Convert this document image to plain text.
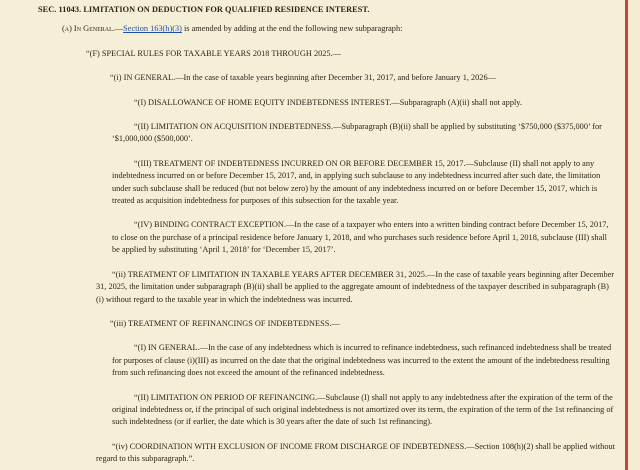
SEC. 11043. LIMITATION ON DEDUCTION FOR QUALIFIED RESIDENCE INTEREST.

(a) In General.—Section 163(h)(3) is amended by adding at the end the following new subparagraph:

“(F) SPECIAL RULES FOR TAXABLE YEARS 2018 THROUGH 2025.—

“(i) IN GENERAL.—In the case of taxable years beginning after December 31, 2017, and before January 1, 2026—

“(I) DISALLOWANCE OF HOME EQUITY INDEBTEDNESS INTEREST.—Subparagraph (A)(ii) shall not apply.

“(II) LIMITATION ON ACQUISITION INDEBTEDNESS.—Subparagraph (B)(ii) shall be applied by substituting ‘$750,000 ($375,000’ for ‘$1,000,000 ($500,000’.

“(III) TREATMENT OF INDEBTEDNESS INCURRED ON OR BEFORE DECEMBER 15, 2017.—Subclause (II) shall not apply to any indebtedness incurred on or before December 15, 2017, and, in applying such subclause to any indebtedness incurred after such date, the limitation under such subclause shall be reduced (but not below zero) by the amount of any indebtedness incurred on or before December 15, 2017, which is treated as acquisition indebtedness for purposes of this subsection for the taxable year.

“(IV) BINDING CONTRACT EXCEPTION.—In the case of a taxpayer who enters into a written binding contract before December 15, 2017, to close on the purchase of a principal residence before January 1, 2018, and who purchases such residence before April 1, 2018, subclause (III) shall be applied by substituting ‘April 1, 2018’ for ‘December 15, 2017’.

“(ii) TREATMENT OF LIMITATION IN TAXABLE YEARS AFTER DECEMBER 31, 2025.—In the case of taxable years beginning after December 31, 2025, the limitation under subparagraph (B)(ii) shall be applied to the aggregate amount of indebtedness of the taxpayer described in subparagraph (B)(i) without regard to the taxable year in which the indebtedness was incurred.

“(iii) TREATMENT OF REFINANCINGS OF INDEBTEDNESS.—

“(I) IN GENERAL.—In the case of any indebtedness which is incurred to refinance indebtedness, such refinanced indebtedness shall be treated for purposes of clause (i)(III) as incurred on the date that the original indebtedness was incurred to the extent the amount of the indebtedness resulting from such refinancing does not exceed the amount of the refinanced indebtedness.

“(II) LIMITATION ON PERIOD OF REFINANCING.—Subclause (I) shall not apply to any indebtedness after the expiration of the term of the original indebtedness or, if the principal of such original indebtedness is not amortized over its term, the expiration of the term of the 1st refinancing of such indebtedness (or if earlier, the date which is 30 years after the date of such 1st refinancing).

“(iv) COORDINATION WITH EXCLUSION OF INCOME FROM DISCHARGE OF INDEBTEDNESS.—Section 108(h)(2) shall be applied without regard to this subparagraph.”.
